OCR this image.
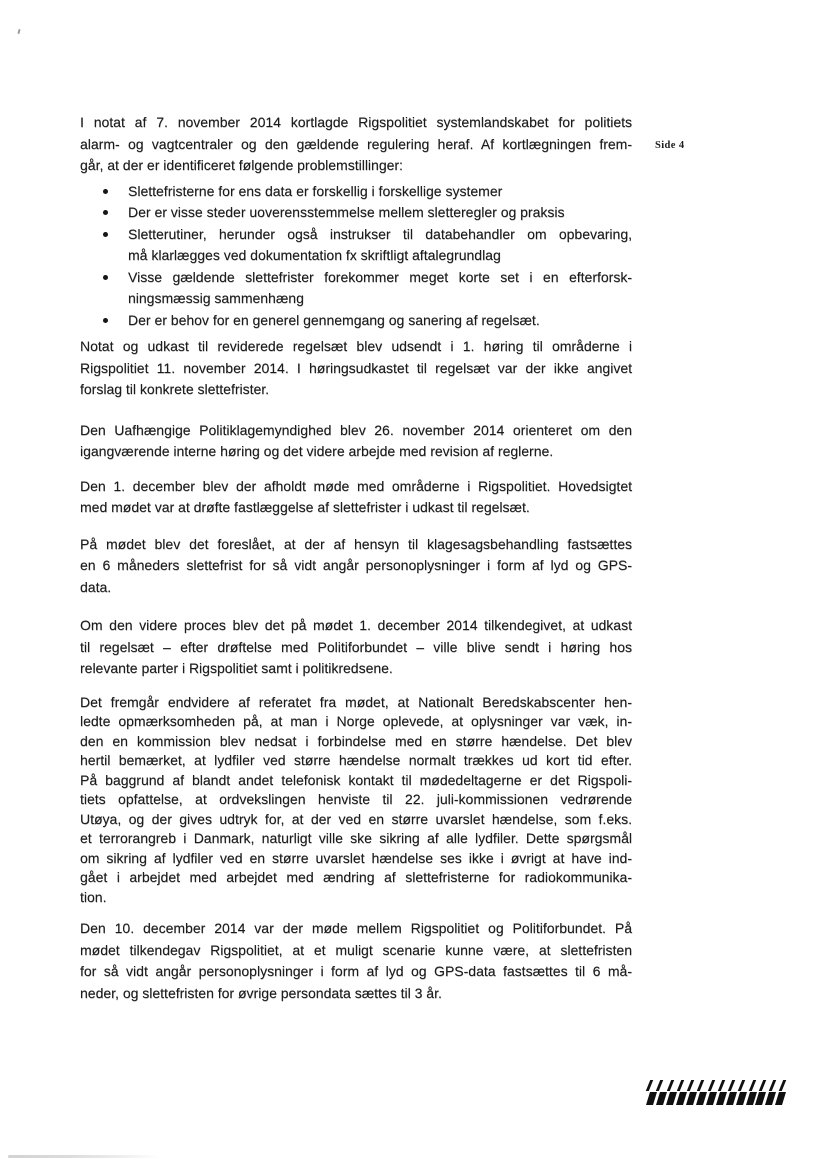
Side 4
I notat af 7. november 2014 kortlagde Rigspolitiet systemlandskabet for politiets
alarm- og vagtcentraler og den gældende regulering heraf. Af kortlægningen frem-
går, at der er identificeret følgende problemstillinger:
Slettefristerne for ens data er forskellig i forskellige systemer
Der er visse steder uoverensstemmelse mellem sletteregler og praksis
Sletterutiner, herunder også instrukser til databehandler om opbevaring,
må klarlægges ved dokumentation fx skriftligt aftalegrundlag
Visse gældende slettefrister forekommer meget korte set i en efterforsk-
ningsmæssig sammenhæng
Der er behov for en generel gennemgang og sanering af regelsæt.
Notat og udkast til reviderede regelsæt blev udsendt i 1. høring til områderne i
Rigspolitiet 11. november 2014. I høringsudkastet til regelsæt var der ikke angivet
forslag til konkrete slettefrister.
Den Uafhængige Politiklagemyndighed blev 26. november 2014 orienteret om den
igangværende interne høring og det videre arbejde med revision af reglerne.
Den 1. december blev der afholdt møde med områderne i Rigspolitiet. Hovedsigtet
med mødet var at drøfte fastlæggelse af slettefrister i udkast til regelsæt.
På mødet blev det foreslået, at der af hensyn til klagesagsbehandling fastsættes
en 6 måneders slettefrist for så vidt angår personoplysninger i form af lyd og GPS-
data.
Om den videre proces blev det på mødet 1. december 2014 tilkendegivet, at udkast
til regelsæt – efter drøftelse med Politiforbundet – ville blive sendt i høring hos
relevante parter i Rigspolitiet samt i politikredsene.
Det fremgår endvidere af referatet fra mødet, at Nationalt Beredskabscenter hen-
ledte opmærksomheden på, at man i Norge oplevede, at oplysninger var væk, in-
den en kommission blev nedsat i forbindelse med en større hændelse. Det blev
hertil bemærket, at lydfiler ved større hændelse normalt trækkes ud kort tid efter.
På baggrund af blandt andet telefonisk kontakt til mødedeltagerne er det Rigspoli-
tiets opfattelse, at ordvekslingen henviste til 22. juli-kommissionen vedrørende
Utøya, og der gives udtryk for, at der ved en større uvarslet hændelse, som f.eks.
et terrorangreb i Danmark, naturligt ville ske sikring af alle lydfiler. Dette spørgsmål
om sikring af lydfiler ved en større uvarslet hændelse ses ikke i øvrigt at have ind-
gået i arbejdet med arbejdet med ændring af slettefristerne for radiokommunika-
tion.
Den 10. december 2014 var der møde mellem Rigspolitiet og Politiforbundet. På
mødet tilkendegav Rigspolitiet, at et muligt scenarie kunne være, at slettefristen
for så vidt angår personoplysninger i form af lyd og GPS-data fastsættes til 6 må-
neder, og slettefristen for øvrige persondata sættes til 3 år.
